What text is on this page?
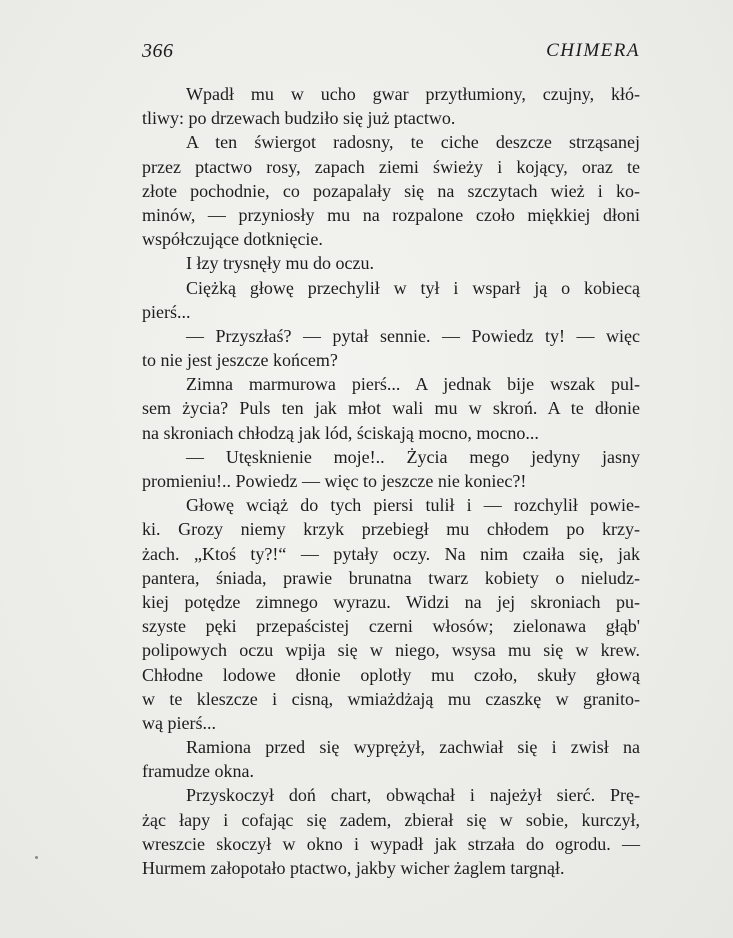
366	CHIMERA
Wpadł mu w ucho gwar przytłumiony, czujny, kłó-
tliwy: po drzewach budziło się już ptactwo.
A ten świergot radosny, te ciche deszcze strząsanej
przez ptactwo rosy, zapach ziemi świeży i kojący, oraz te
złote pochodnie, co pozapalały się na szczytach wież i ko-
minów, — przyniosły mu na rozpalone czoło miękkiej dłoni
współczujące dotknięcie.
I łzy trysnęły mu do oczu.
Ciężką głowę przechylił w tył i wsparł ją o kobiecą
pierś...
— Przyszłaś? — pytał sennie. — Powiedz ty! — więc
to nie jest jeszcze końcem?
Zimna marmurowa pierś... A jednak bije wszak pul-
sem życia? Puls ten jak młot wali mu w skroń. A te dłonie
na skroniach chłodzą jak lód, ściskają mocno, mocno...
— Utęsknienie moje!.. Życia mego jedyny jasny
promieniu!.. Powiedz — więc to jeszcze nie koniec?!
Głowę wciąż do tych piersi tulił i — rozchylił powie-
ki. Grozy niemy krzyk przebiegł mu chłodem po krzy-
żach. „Ktoś ty?!“ — pytały oczy. Na nim czaiła się, jak
pantera, śniada, prawie brunatna twarz kobiety o nieludz-
kiej potędze zimnego wyrazu. Widzi na jej skroniach pu-
szyste pęki przepaścistej czerni włosów; zielonawa głąb'
polipowych oczu wpija się w niego, wsysa mu się w krew.
Chłodne lodowe dłonie oplotły mu czoło, skuły głową
w te kleszcze i cisną, wmiażdżają mu czaszkę w granito-
wą pierś...
Ramiona przed się wyprężył, zachwiał się i zwisł na
framudze okna.
Przyskoczył doń chart, obwąchał i najeżył sierć. Prę-
żąc łapy i cofając się zadem, zbierał się w sobie, kurczył,
wreszcie skoczył w okno i wypadł jak strzała do ogrodu. —
Hurmem załopotało ptactwo, jakby wicher żaglem targnął.
